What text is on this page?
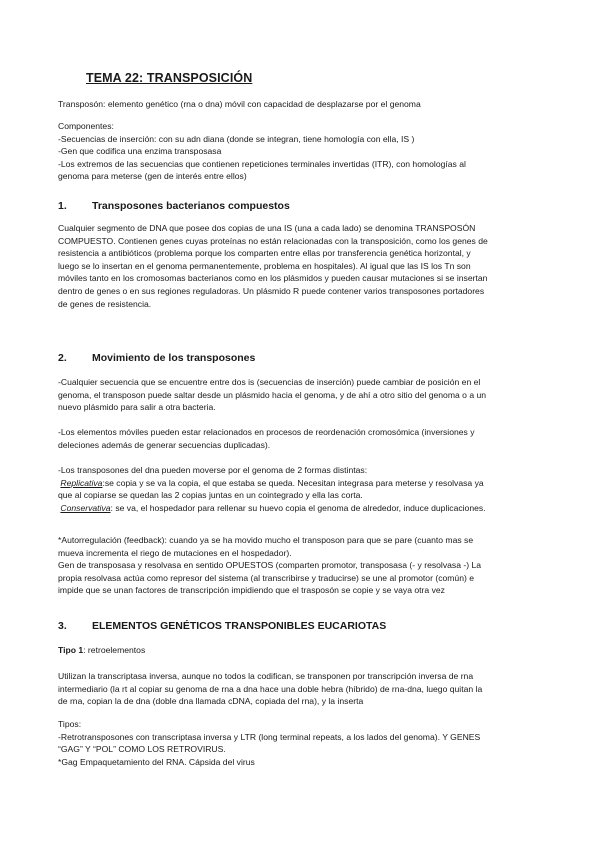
TEMA 22: TRANSPOSICIÓN

Transposón: elemento genético (rna o dna) móvil con capacidad de desplazarse por el genoma

Componentes:
-Secuencias de inserción: con su adn diana (donde se integran, tiene homología con ella, IS )
-Gen que codifica una enzima transposasa
-Los extremos de las secuencias que contienen repeticiones terminales invertidas (ITR), con homologías al
genoma para meterse (gen de interés entre ellos)

1. Transposones bacterianos compuestos

Cualquier segmento de DNA que posee dos copias de una IS (una a cada lado) se denomina TRANSPOSÓN
COMPUESTO. Contienen genes cuyas proteínas no están relacionadas con la transposición, como los genes de
resistencia a antibióticos (problema porque los comparten entre ellas por transferencia genética horizontal, y
luego se lo insertan en el genoma permanentemente, problema en hospitales). Al igual que las IS los Tn son
móviles tanto en los cromosomas bacterianos como en los plásmidos y pueden causar mutaciones si se insertan
dentro de genes o en sus regiones reguladoras. Un plásmido R puede contener varios transposones portadores
de genes de resistencia.

2. Movimiento de los transposones

-Cualquier secuencia que se encuentre entre dos is (secuencias de inserción) puede cambiar de posición en el
genoma, el transposon puede saltar desde un plásmido hacia el genoma, y de ahí a otro sitio del genoma o a un
nuevo plásmido para salir a otra bacteria.

-Los elementos móviles pueden estar relacionados en procesos de reordenación cromosómica (inversiones y
deleciones además de generar secuencias duplicadas).

-Los transposones del dna pueden moverse por el genoma de 2 formas distintas:
Replicativa:se copia y se va la copia, el que estaba se queda. Necesitan integrasa para meterse y resolvasa ya
que al copiarse se quedan las 2 copias juntas en un cointegrado y ella las corta.
Conservativa: se va, el hospedador para rellenar su huevo copia el genoma de alrededor, induce duplicaciones.

*Autorregulación (feedback): cuando ya se ha movido mucho el transposon para que se pare (cuanto mas se
mueva incrementa el riego de mutaciones en el hospedador).
Gen de transposasa y resolvasa en sentido OPUESTOS (comparten promotor, transposasa (- y resolvasa -) La
propia resolvasa actúa como represor del sistema (al transcribirse y traducirse) se une al promotor (común) e
impide que se unan factores de transcripción impidiendo que el trasposón se copie y se vaya otra vez

3. ELEMENTOS GENÉTICOS TRANSPONIBLES EUCARIOTAS

Tipo 1: retroelementos

Utilizan la transcriptasa inversa, aunque no todos la codifican, se transponen por transcripción inversa de rna
intermediario (la rt al copiar su genoma de rna a dna hace una doble hebra (híbrido) de rna-dna, luego quitan la
de rna, copian la de dna (doble dna llamada cDNA, copiada del rna), y la inserta

Tipos:
-Retrotransposones con transcriptasa inversa y LTR (long terminal repeats, a los lados del genoma). Y GENES
“GAG” Y “POL” COMO LOS RETROVIRUS.
*Gag Empaquetamiento del RNA. Cápsida del virus
